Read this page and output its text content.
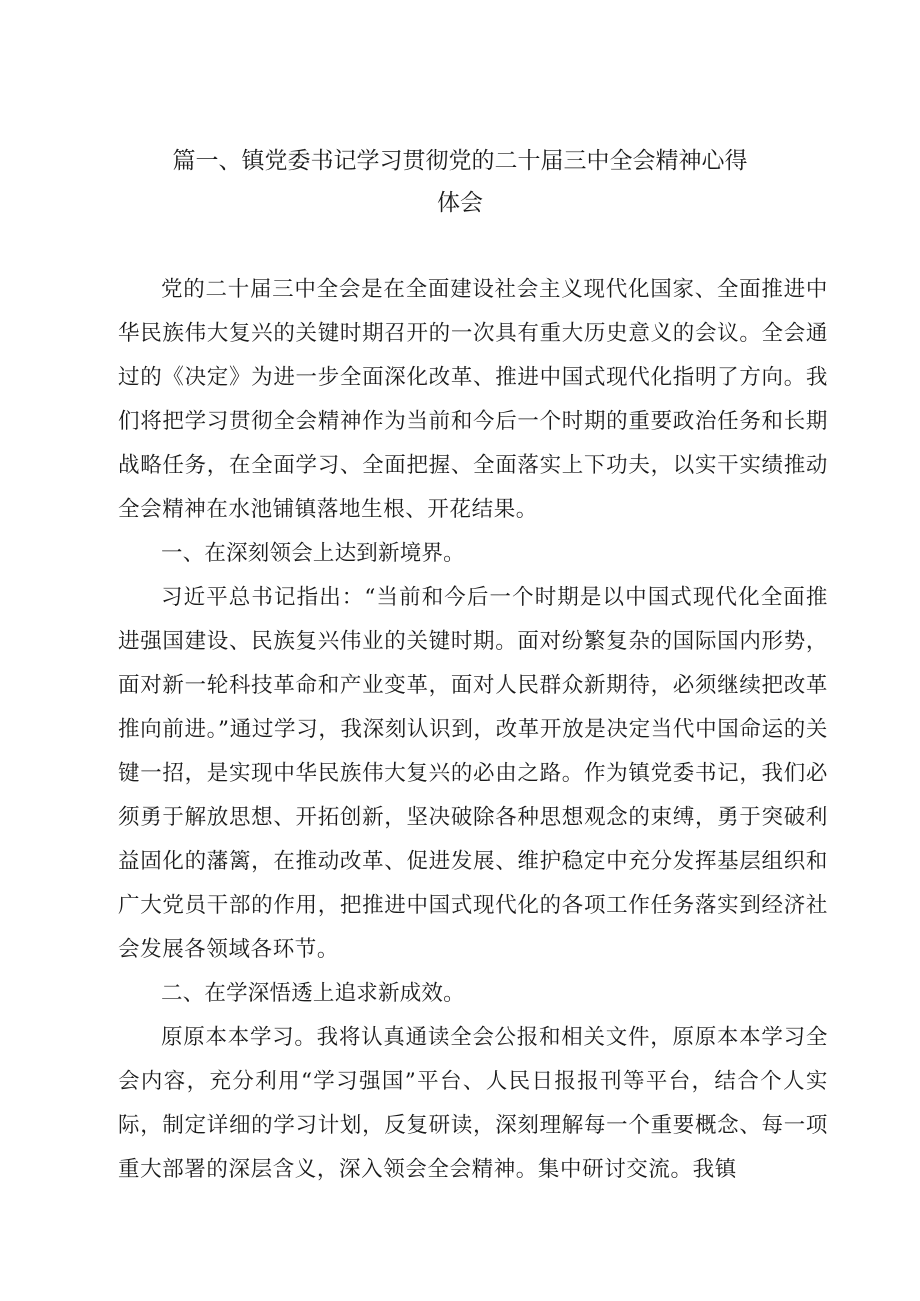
篇一、镇党委书记学习贯彻党的二十届三中全会精神心得
体会

党的二十届三中全会是在全面建设社会主义现代化国家、全面推进中华民族伟大复兴的关键时期召开的一次具有重大历史意义的会议。全会通过的《决定》为进一步全面深化改革、推进中国式现代化指明了方向。我们将把学习贯彻全会精神作为当前和今后一个时期的重要政治任务和长期战略任务，在全面学习、全面把握、全面落实上下功夫，以实干实绩推动全会精神在水池铺镇落地生根、开花结果。

一、在深刻领会上达到新境界。

习近平总书记指出：“当前和今后一个时期是以中国式现代化全面推进强国建设、民族复兴伟业的关键时期。面对纷繁复杂的国际国内形势，面对新一轮科技革命和产业变革，面对人民群众新期待，必须继续把改革推向前进。”通过学习，我深刻认识到，改革开放是决定当代中国命运的关键一招，是实现中华民族伟大复兴的必由之路。作为镇党委书记，我们必须勇于解放思想、开拓创新，坚决破除各种思想观念的束缚，勇于突破利益固化的藩篱，在推动改革、促进发展、维护稳定中充分发挥基层组织和广大党员干部的作用，把推进中国式现代化的各项工作任务落实到经济社会发展各领域各环节。

二、在学深悟透上追求新成效。

原原本本学习。我将认真通读全会公报和相关文件，原原本本学习全会内容，充分利用“学习强国”平台、人民日报报刊等平台，结合个人实际，制定详细的学习计划，反复研读，深刻理解每一个重要概念、每一项重大部署的深层含义，深入领会全会精神。集中研讨交流。我镇
